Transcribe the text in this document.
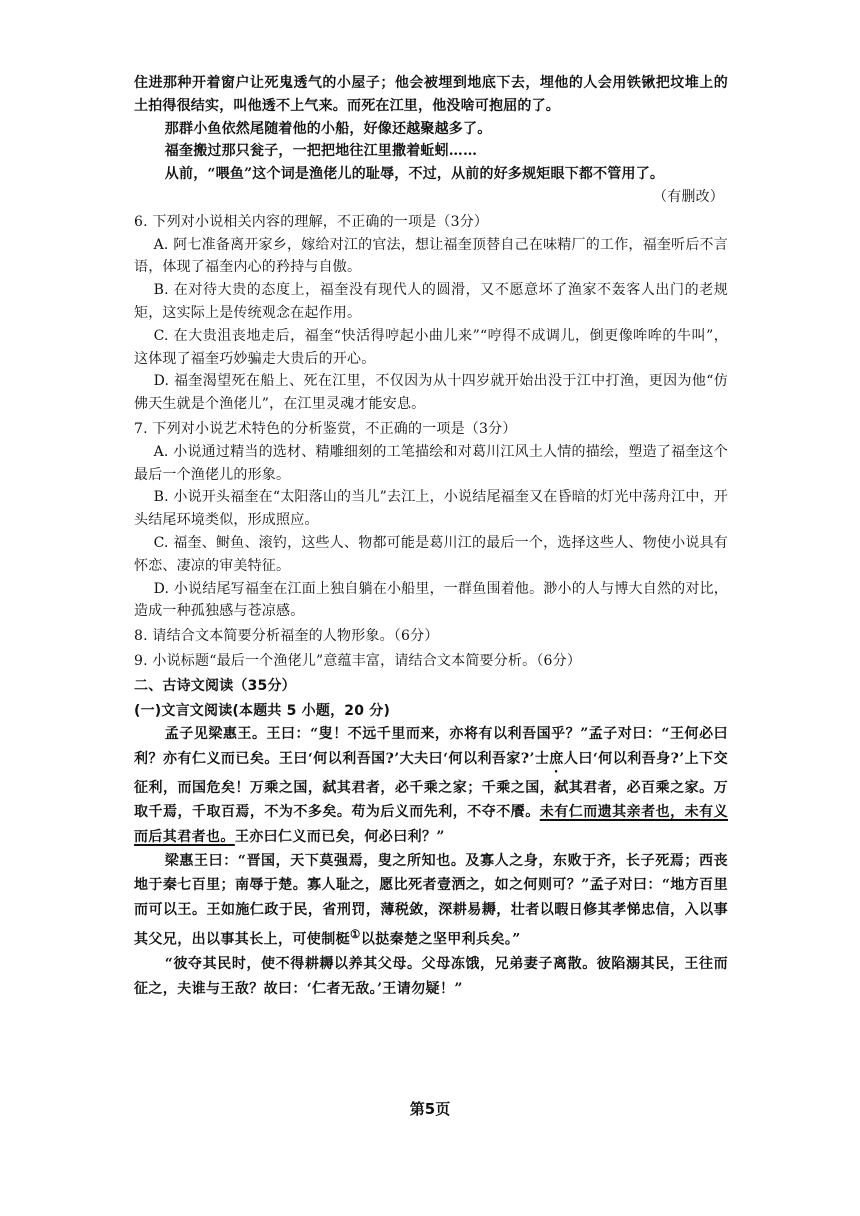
住进那种开着窗户让死鬼透气的小屋子；他会被埋到地底下去，埋他的人会用铁锹把坟堆上的土拍得很结实，叫他透不上气来。而死在江里，他没啥可抱屈的了。

那群小鱼依然尾随着他的小船，好像还越聚越多了。

福奎搬过那只瓮子，一把把地往江里撒着蚯蚓……

从前，“喂鱼”这个词是渔佬儿的耻辱，不过，从前的好多规矩眼下都不管用了。

（有删改）

6. 下列对小说相关内容的理解，不正确的一项是（3分）

A. 阿七准备离开家乡，嫁给对江的官法，想让福奎顶替自己在味精厂的工作，福奎听后不言语，体现了福奎内心的矜持与自傲。

B. 在对待大贵的态度上，福奎没有现代人的圆滑，又不愿意坏了渔家不轰客人出门的老规矩，这实际上是传统观念在起作用。

C. 在大贵沮丧地走后，福奎“快活得哼起小曲儿来”“哼得不成调儿，倒更像哞哞的牛叫”，这体现了福奎巧妙骗走大贵后的开心。

D. 福奎渴望死在船上、死在江里，不仅因为从十四岁就开始出没于江中打渔，更因为他“仿佛天生就是个渔佬儿”，在江里灵魂才能安息。

7. 下列对小说艺术特色的分析鉴赏，不正确的一项是（3分）

A. 小说通过精当的选材、精雕细刻的工笔描绘和对葛川江风土人情的描绘，塑造了福奎这个最后一个渔佬儿的形象。

B. 小说开头福奎在“太阳落山的当儿”去江上，小说结尾福奎又在昏暗的灯光中荡舟江中，开头结尾环境类似，形成照应。

C. 福奎、鲥鱼、滚钓，这些人、物都可能是葛川江的最后一个，选择这些人、物使小说具有怀恋、凄凉的审美特征。

D. 小说结尾写福奎在江面上独自躺在小船里，一群鱼围着他。渺小的人与博大自然的对比，造成一种孤独感与苍凉感。

8. 请结合文本简要分析福奎的人物形象。（6分）

9. 小说标题“最后一个渔佬儿”意蕴丰富，请结合文本简要分析。（6分）

二、古诗文阅读（35分）

(一)文言文阅读(本题共 5 小题，20 分)

孟子见梁惠王。王曰：“叟！不远千里而来，亦将有以利吾国乎？”孟子对曰：“王何必曰利？亦有仁义而已矣。王曰‘何以利吾国?’大夫曰‘何以利吾家?’士庶人曰‘何以利吾身?’上下交征利，而国危矣！万乘之国，弑其君者，必千乘之家；千乘之国，弑其君者，必百乘之家。万取千焉，千取百焉，不为不多矣。苟为后义而先利，不夺不餍。未有仁而遗其亲者也，未有义而后其君者也。王亦曰仁义而已矣，何必曰利？”

梁惠王曰：“晋国，天下莫强焉，叟之所知也。及寡人之身，东败于齐，长子死焉；西丧地于秦七百里；南辱于楚。寡人耻之，愿比死者壹洒之，如之何则可？”孟子对曰：“地方百里而可以王。王如施仁政于民，省刑罚，薄税敛，深耕易耨，壮者以暇日修其孝悌忠信，入以事其父兄，出以事其长上，可使制梃①以挞秦楚之坚甲利兵矣。”

“彼夺其民时，使不得耕耨以养其父母。父母冻饿，兄弟妻子离散。彼陷溺其民，王往而征之，夫谁与王敌？故曰：‘仁者无敌。’王请勿疑！”

第5页
